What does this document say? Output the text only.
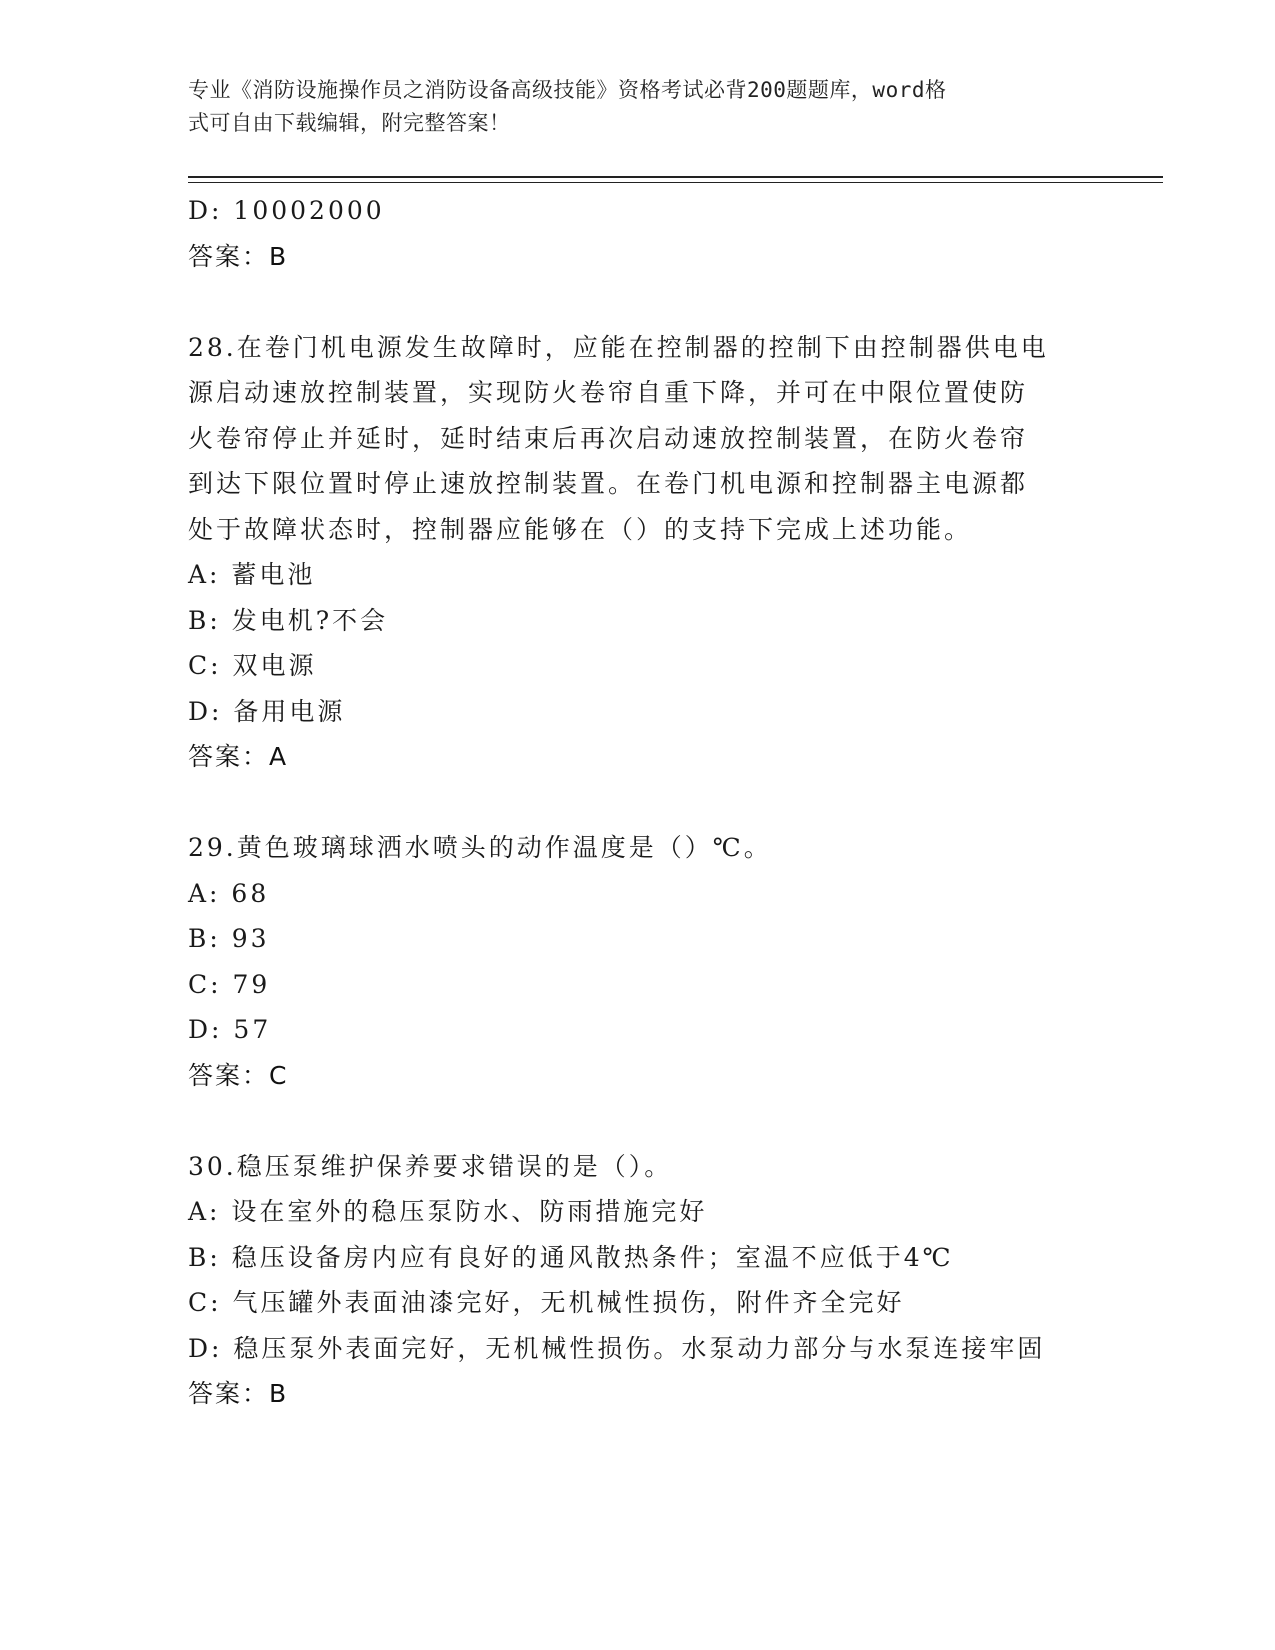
专业《消防设施操作员之消防设备高级技能》资格考试必背200题题库，word格
式可自由下载编辑，附完整答案！
D: 10002000
答案：B
28.在卷门机电源发生故障时，应能在控制器的控制下由控制器供电电
源启动速放控制装置，实现防火卷帘自重下降，并可在中限位置使防
火卷帘停止并延时，延时结束后再次启动速放控制装置，在防火卷帘
到达下限位置时停止速放控制装置。在卷门机电源和控制器主电源都
处于故障状态时，控制器应能够在（）的支持下完成上述功能。
A: 蓄电池
B: 发电机?不会
C: 双电源
D: 备用电源
答案：A
29.黄色玻璃球洒水喷头的动作温度是（）℃。
A: 68
B: 93
C: 79
D: 57
答案：C
30.稳压泵维护保养要求错误的是（）。
A: 设在室外的稳压泵防水、防雨措施完好
B: 稳压设备房内应有良好的通风散热条件；室温不应低于4℃
C: 气压罐外表面油漆完好，无机械性损伤，附件齐全完好
D: 稳压泵外表面完好，无机械性损伤。水泵动力部分与水泵连接牢固
答案：B
